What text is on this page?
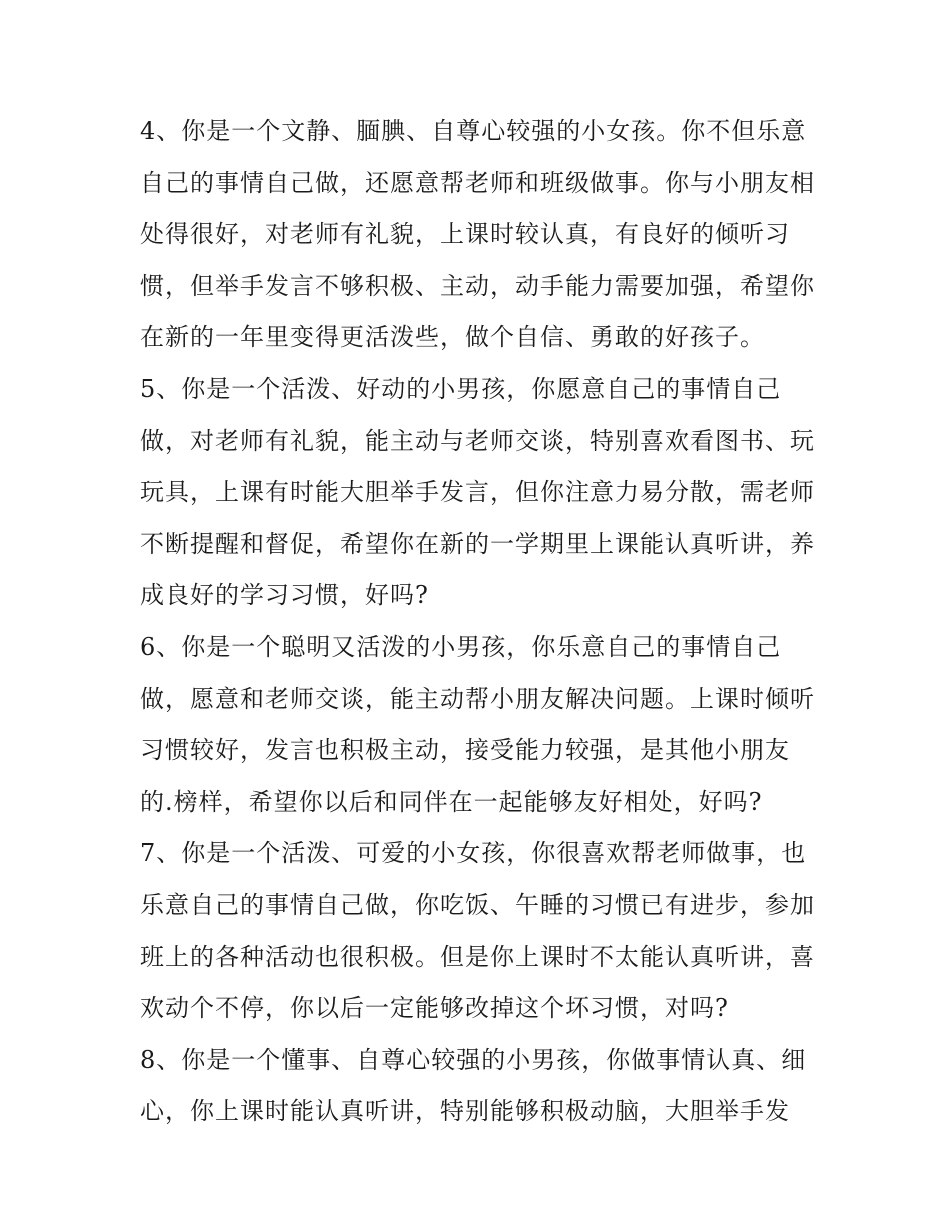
4、你是一个文静、腼腆、自尊心较强的小女孩。你不但乐意
自己的事情自己做，还愿意帮老师和班级做事。你与小朋友相
处得很好，对老师有礼貌，上课时较认真，有良好的倾听习
惯，但举手发言不够积极、主动，动手能力需要加强，希望你
在新的一年里变得更活泼些，做个自信、勇敢的好孩子。
5、你是一个活泼、好动的小男孩，你愿意自己的事情自己
做，对老师有礼貌，能主动与老师交谈，特别喜欢看图书、玩
玩具，上课有时能大胆举手发言，但你注意力易分散，需老师
不断提醒和督促，希望你在新的一学期里上课能认真听讲，养
成良好的学习习惯，好吗?
6、你是一个聪明又活泼的小男孩，你乐意自己的事情自己
做，愿意和老师交谈，能主动帮小朋友解决问题。上课时倾听
习惯较好，发言也积极主动，接受能力较强，是其他小朋友
的.榜样，希望你以后和同伴在一起能够友好相处，好吗?
7、你是一个活泼、可爱的小女孩，你很喜欢帮老师做事，也
乐意自己的事情自己做，你吃饭、午睡的习惯已有进步，参加
班上的各种活动也很积极。但是你上课时不太能认真听讲，喜
欢动个不停，你以后一定能够改掉这个坏习惯，对吗?
8、你是一个懂事、自尊心较强的小男孩，你做事情认真、细
心，你上课时能认真听讲，特别能够积极动脑，大胆举手发
